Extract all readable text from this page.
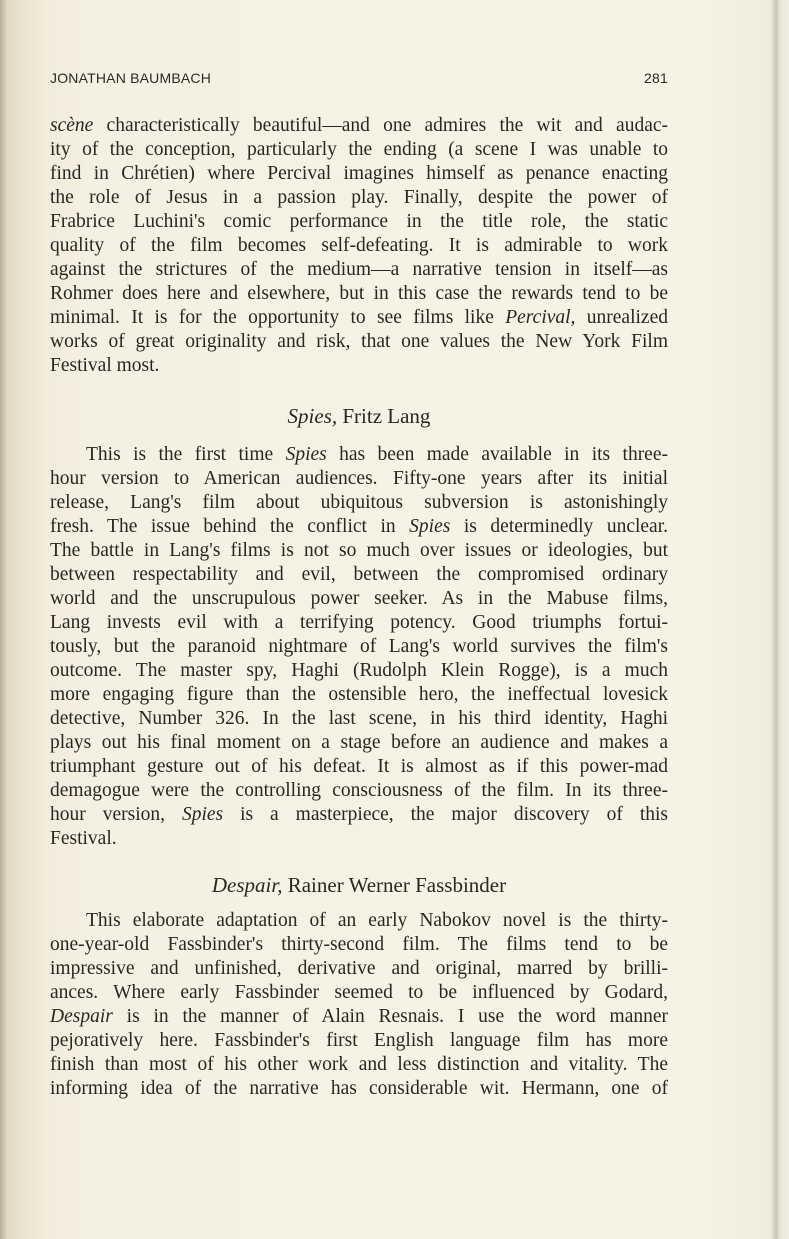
JONATHAN BAUMBACH	281
scène characteristically beautiful—and one admires the wit and audac-
ity of the conception, particularly the ending (a scene I was unable to
find in Chrétien) where Percival imagines himself as penance enacting
the role of Jesus in a passion play. Finally, despite the power of
Frabrice Luchini's comic performance in the title role, the static
quality of the film becomes self-defeating. It is admirable to work
against the strictures of the medium—a narrative tension in itself—as
Rohmer does here and elsewhere, but in this case the rewards tend to be
minimal. It is for the opportunity to see films like Percival, unrealized
works of great originality and risk, that one values the New York Film
Festival most.
Spies, Fritz Lang
This is the first time Spies has been made available in its three-
hour version to American audiences. Fifty-one years after its initial
release, Lang's film about ubiquitous subversion is astonishingly
fresh. The issue behind the conflict in Spies is determinedly unclear.
The battle in Lang's films is not so much over issues or ideologies, but
between respectability and evil, between the compromised ordinary
world and the unscrupulous power seeker. As in the Mabuse films,
Lang invests evil with a terrifying potency. Good triumphs fortui-
tously, but the paranoid nightmare of Lang's world survives the film's
outcome. The master spy, Haghi (Rudolph Klein Rogge), is a much
more engaging figure than the ostensible hero, the ineffectual lovesick
detective, Number 326. In the last scene, in his third identity, Haghi
plays out his final moment on a stage before an audience and makes a
triumphant gesture out of his defeat. It is almost as if this power-mad
demagogue were the controlling consciousness of the film. In its three-
hour version, Spies is a masterpiece, the major discovery of this
Festival.
Despair, Rainer Werner Fassbinder
This elaborate adaptation of an early Nabokov novel is the thirty-
one-year-old Fassbinder's thirty-second film. The films tend to be
impressive and unfinished, derivative and original, marred by brilli-
ances. Where early Fassbinder seemed to be influenced by Godard,
Despair is in the manner of Alain Resnais. I use the word manner
pejoratively here. Fassbinder's first English language film has more
finish than most of his other work and less distinction and vitality. The
informing idea of the narrative has considerable wit. Hermann, one of
